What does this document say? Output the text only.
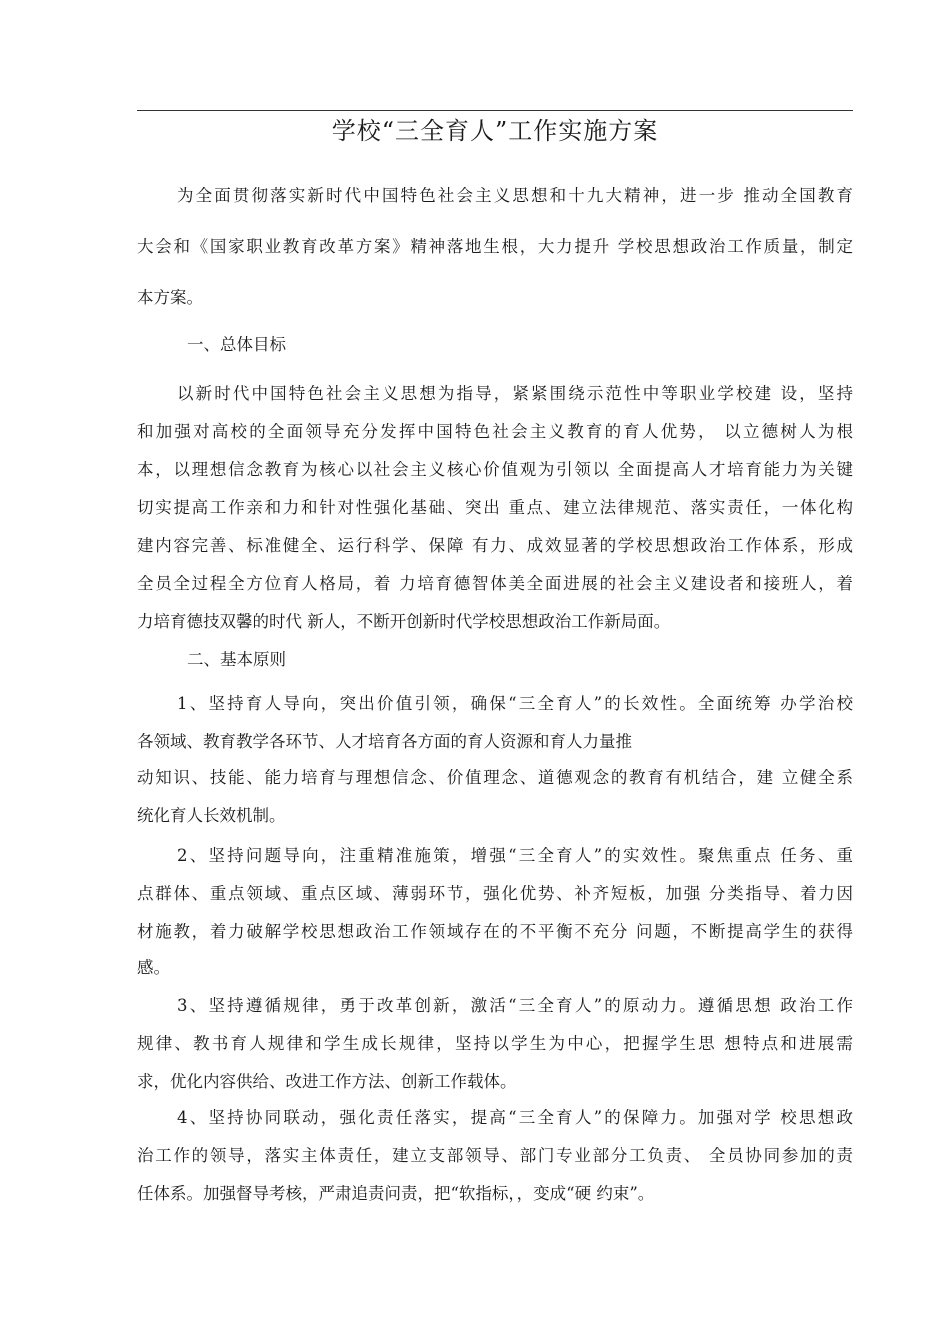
学校“三全育人”工作实施方案
为全面贯彻落实新时代中国特色社会主义思想和十九大精神，进一步 推动全国教育
大会和《国家职业教育改革方案》精神落地生根，大力提升 学校思想政治工作质量，制定
本方案。
一、总体目标
以新时代中国特色社会主义思想为指导，紧紧围绕示范性中等职业学校建 设，坚持
和加强对高校的全面领导充分发挥中国特色社会主义教育的育人优势， 以立德树人为根
本，以理想信念教育为核心以社会主义核心价值观为引领以 全面提高人才培育能力为关键
切实提高工作亲和力和针对性强化基础、突出 重点、建立法律规范、落实责任，一体化构
建内容完善、标准健全、运行科学、保障 有力、成效显著的学校思想政治工作体系，形成
全员全过程全方位育人格局，着 力培育德智体美全面进展的社会主义建设者和接班人，着
力培育德技双馨的时代 新人，不断开创新时代学校思想政治工作新局面。
二、基本原则
1、坚持育人导向，突出价值引领，确保“三全育人”的长效性。全面统筹 办学治校
各领域、教育教学各环节、人才培育各方面的育人资源和育人力量推
动知识、技能、能力培育与理想信念、价值理念、道德观念的教育有机结合，建 立健全系
统化育人长效机制。
2、坚持问题导向，注重精准施策，增强“三全育人”的实效性。聚焦重点 任务、重
点群体、重点领域、重点区域、薄弱环节，强化优势、补齐短板，加强 分类指导、着力因
材施教，着力破解学校思想政治工作领域存在的不平衡不充分 问题，不断提高学生的获得
感。
3、坚持遵循规律，勇于改革创新，激活“三全育人”的原动力。遵循思想 政治工作
规律、教书育人规律和学生成长规律，坚持以学生为中心，把握学生思 想特点和进展需
求，优化内容供给、改进工作方法、创新工作载体。
4、坚持协同联动，强化责任落实，提高“三全育人”的保障力。加强对学 校思想政
治工作的领导，落实主体责任，建立支部领导、部门专业部分工负责、 全员协同参加的责
任体系。加强督导考核，严肃追责问责，把“软指标，，变成“硬 约束”。
